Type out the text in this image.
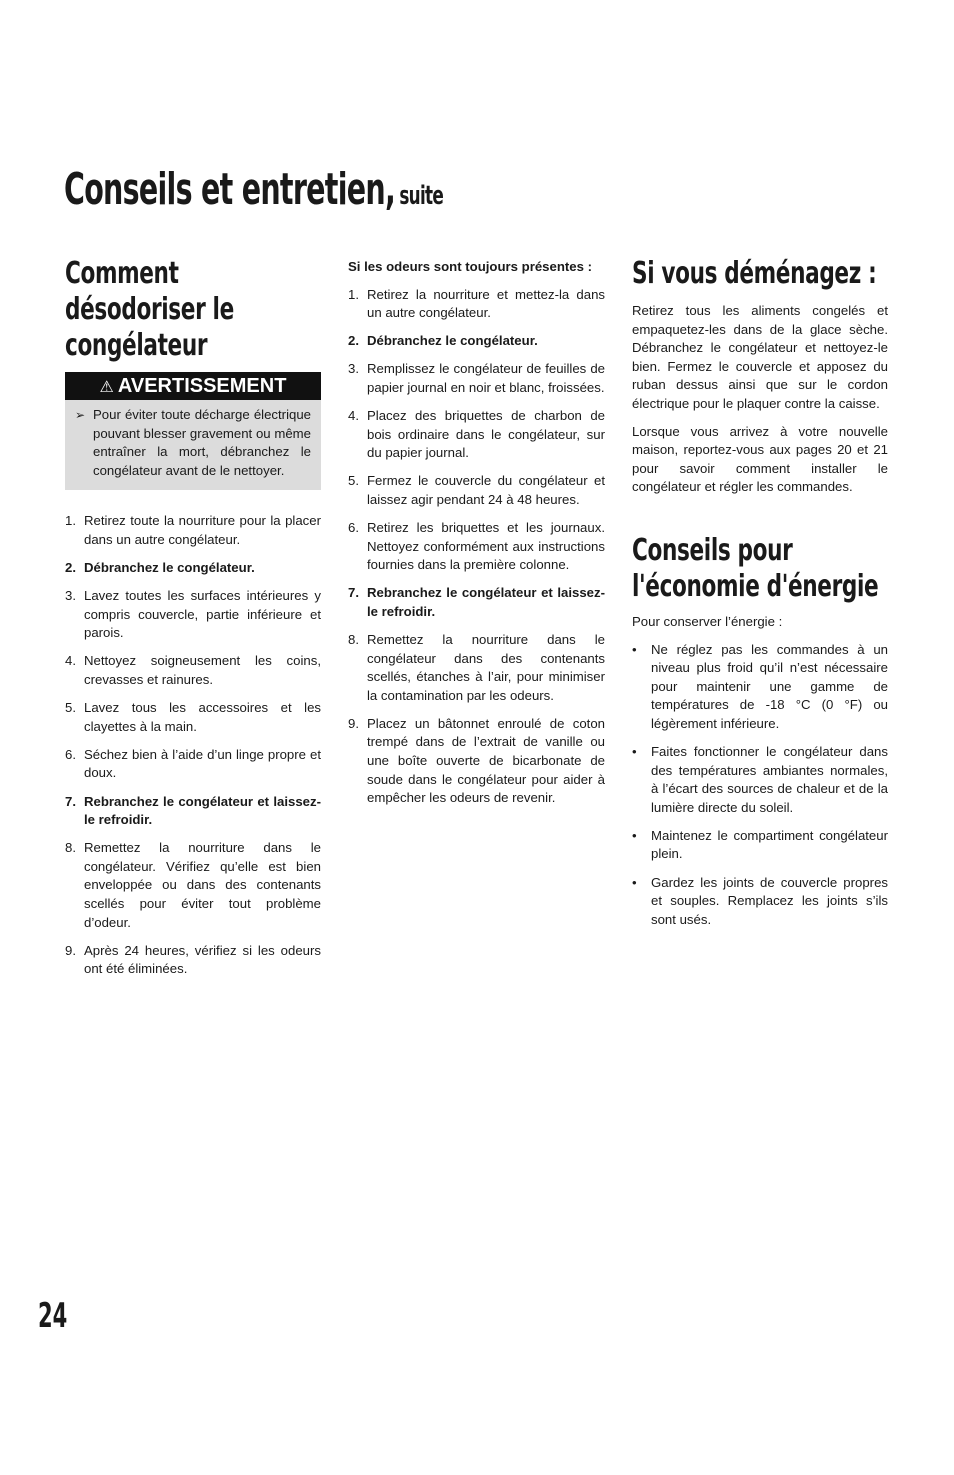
Conseils et entretien, suite
Comment désodoriser le congélateur
⚠ AVERTISSEMENT
➢ Pour éviter toute décharge électrique pouvant blesser gravement ou même entraîner la mort, débranchez le congélateur avant de le nettoyer.
1. Retirez toute la nourriture pour la placer dans un autre congélateur.
2. Débranchez le congélateur.
3. Lavez toutes les surfaces intérieures y compris couvercle, partie inférieure et parois.
4. Nettoyez soigneusement les coins, crevasses et rainures.
5. Lavez tous les accessoires et les clayettes à la main.
6. Séchez bien à l’aide d’un linge propre et doux.
7. Rebranchez le congélateur et laissez-le refroidir.
8. Remettez la nourriture dans le congélateur. Vérifiez qu’elle est bien enveloppée ou dans des contenants scellés pour éviter tout problème d’odeur.
9. Après 24 heures, vérifiez si les odeurs ont été éliminées.

Si les odeurs sont toujours présentes :

1. Retirez la nourriture et mettez-la dans un autre congélateur.
2. Débranchez le congélateur.
3. Remplissez le congélateur de feuilles de papier journal en noir et blanc, froissées.
4. Placez des briquettes de charbon de bois ordinaire dans le congélateur, sur du papier journal.
5. Fermez le couvercle du congélateur et laissez agir pendant 24 à 48 heures.
6. Retirez les briquettes et les journaux. Nettoyez conformément aux instructions fournies dans la première colonne.
7. Rebranchez le congélateur et laissez-le refroidir.
8. Remettez la nourriture dans le congélateur dans des contenants scellés, étanches à l’air, pour minimiser la contamination par les odeurs.
9. Placez un bâtonnet enroulé de coton trempé dans de l’extrait de vanille ou une boîte ouverte de bicarbonate de soude dans le congélateur pour aider à empêcher les odeurs de revenir.
Si vous déménagez :

Retirez tous les aliments congelés et empaquetez-les dans de la glace sèche. Débranchez le congélateur et nettoyez-le bien. Fermez le couvercle et apposez du ruban dessus ainsi que sur le cordon électrique pour le plaquer contre la caisse.

Lorsque vous arrivez à votre nouvelle maison, reportez-vous aux pages 20 et 21 pour savoir comment installer le congélateur et régler les commandes.

Conseils pour l'économie d'énergie

Pour conserver l’énergie :

•	Ne réglez pas les commandes à un niveau plus froid qu’il n’est nécessaire pour maintenir une gamme de températures de -18 °C (0 °F) ou légèrement inférieure.
•	Faites fonctionner le congélateur dans des températures ambiantes normales, à l’écart des sources de chaleur et de la lumière directe du soleil.
•	Maintenez le compartiment congélateur plein.
•	Gardez les joints de couvercle propres et souples. Remplacez les joints s’ils sont usés.

24
